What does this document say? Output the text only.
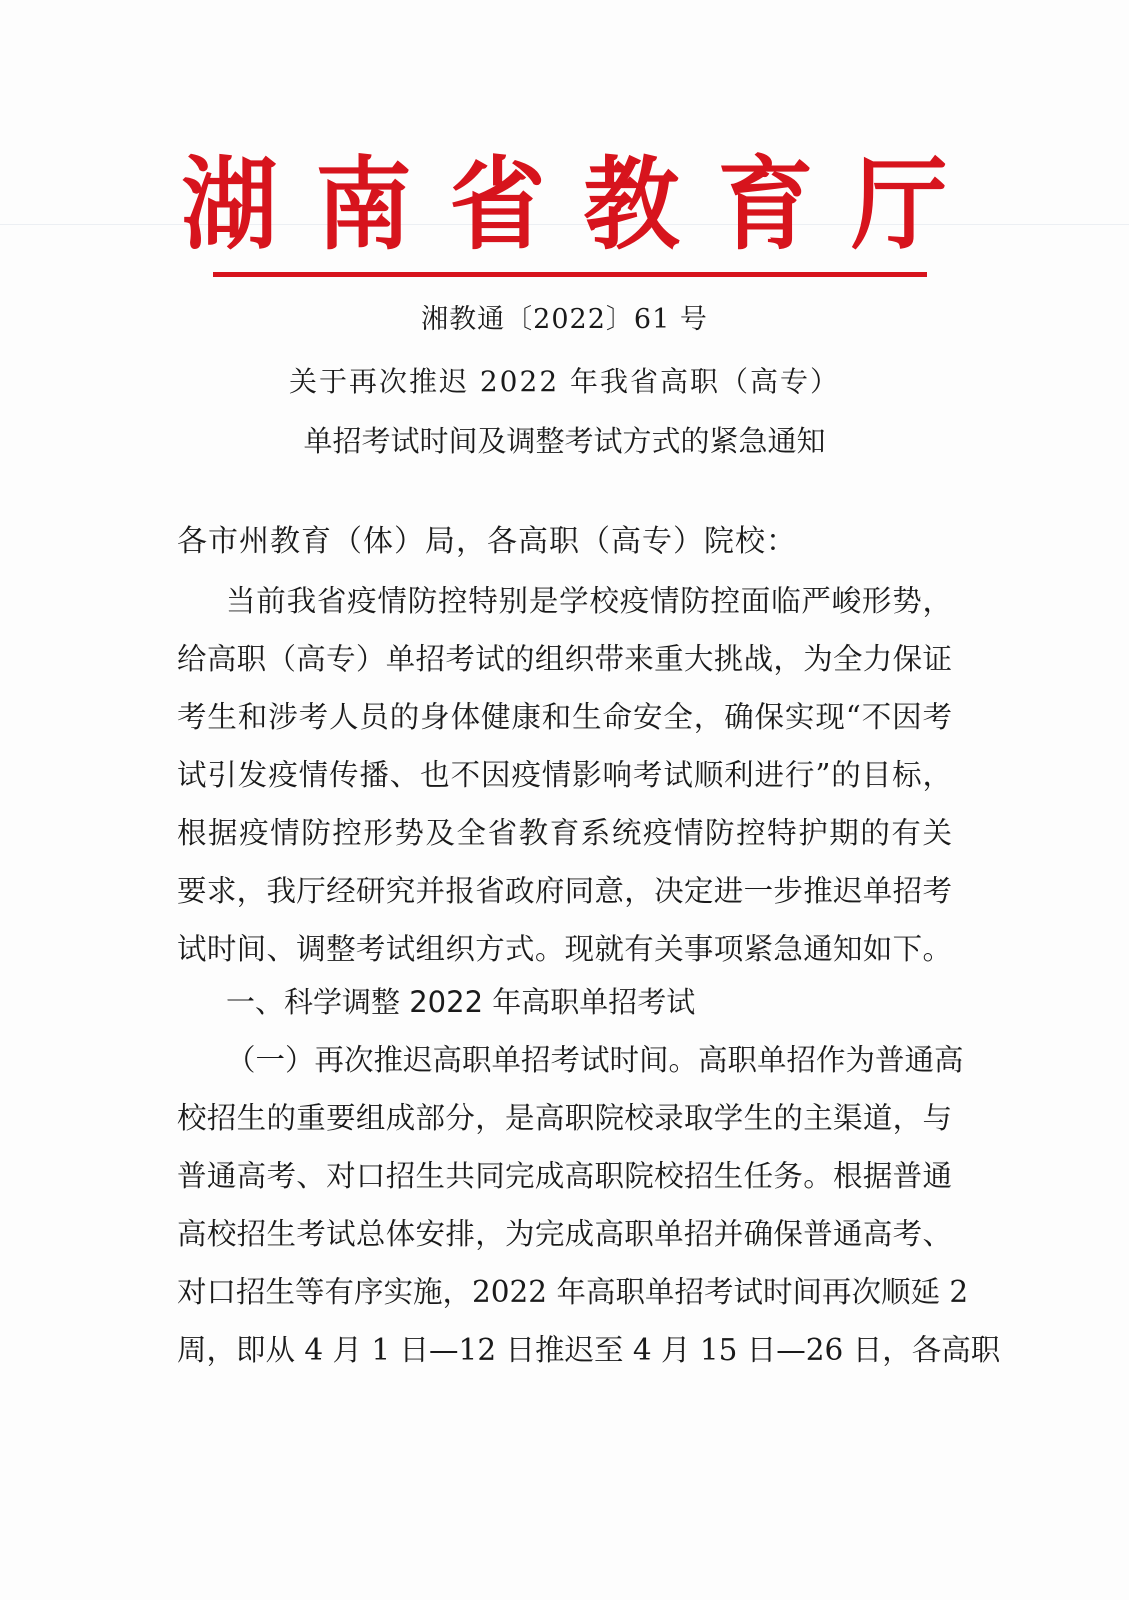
湖南省教育厅
湘教通〔2022〕61 号
关于再次推迟 2022 年我省高职（高专）
单招考试时间及调整考试方式的紧急通知
各市州教育（体）局，各高职（高专）院校：
当前我省疫情防控特别是学校疫情防控面临严峻形势，
给高职（高专）单招考试的组织带来重大挑战，为全力保证
考生和涉考人员的身体健康和生命安全，确保实现“不因考
试引发疫情传播、也不因疫情影响考试顺利进行”的目标，
根据疫情防控形势及全省教育系统疫情防控特护期的有关
要求，我厅经研究并报省政府同意，决定进一步推迟单招考
试时间、调整考试组织方式。现就有关事项紧急通知如下。
一、科学调整 2022 年高职单招考试
（一）再次推迟高职单招考试时间。高职单招作为普通高
校招生的重要组成部分，是高职院校录取学生的主渠道，与
普通高考、对口招生共同完成高职院校招生任务。根据普通
高校招生考试总体安排，为完成高职单招并确保普通高考、
对口招生等有序实施，2022 年高职单招考试时间再次顺延 2
周，即从 4 月 1 日—12 日推迟至 4 月 15 日—26 日，各高职
